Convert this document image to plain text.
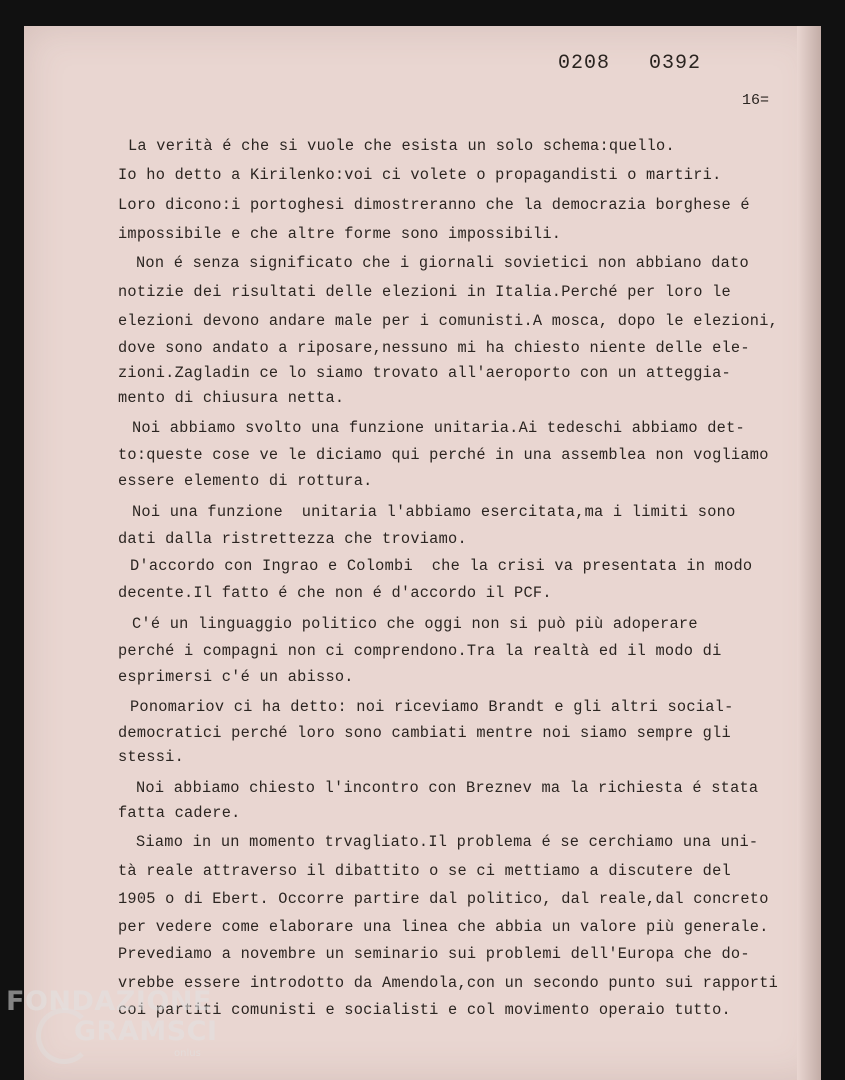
0208   0392
16=
La verità é che si vuole che esista un solo schema:quello.
Io ho detto a Kirilenko:voi ci volete o propagandisti o martiri.
Loro dicono:i portoghesi dimostreranno che la democrazia borghese é
impossibile e che altre forme sono impossibili.
Non é senza significato che i giornali sovietici non abbiano dato
notizie dei risultati delle elezioni in Italia.Perché per loro le
elezioni devono andare male per i comunisti.A mosca, dopo le elezioni,
dove sono andato a riposare,nessuno mi ha chiesto niente delle ele-
zioni.Zagladin ce lo siamo trovato all'aeroporto con un atteggia-
mento di chiusura netta.
Noi abbiamo svolto una funzione unitaria.Ai tedeschi abbiamo det-
to:queste cose ve le diciamo qui perché in una assemblea non vogliamo
essere elemento di rottura.
Noi una funzione  unitaria l'abbiamo esercitata,ma i limiti sono
dati dalla ristrettezza che troviamo.
D'accordo con Ingrao e Colombi  che la crisi va presentata in modo
decente.Il fatto é che non é d'accordo il PCF.
C'é un linguaggio politico che oggi non si può più adoperare
perché i compagni non ci comprendono.Tra la realtà ed il modo di
esprimersi c'é un abisso.
Ponomariov ci ha detto: noi riceviamo Brandt e gli altri social-
democratici perché loro sono cambiati mentre noi siamo sempre gli
stessi.
Noi abbiamo chiesto l'incontro con Breznev ma la richiesta é stata
fatta cadere.
Siamo in un momento trvagliato.Il problema é se cerchiamo una uni-
tà reale attraverso il dibattito o se ci mettiamo a discutere del
1905 o di Ebert. Occorre partire dal politico, dal reale,dal concreto
per vedere come elaborare una linea che abbia un valore più generale.
Prevediamo a novembre un seminario sui problemi dell'Europa che do-
vrebbe essere introdotto da Amendola,con un secondo punto sui rapporti
coi partiti comunisti e socialisti e col movimento operaio tutto.
FONDAZIONE
GRAMSCI
onlus
